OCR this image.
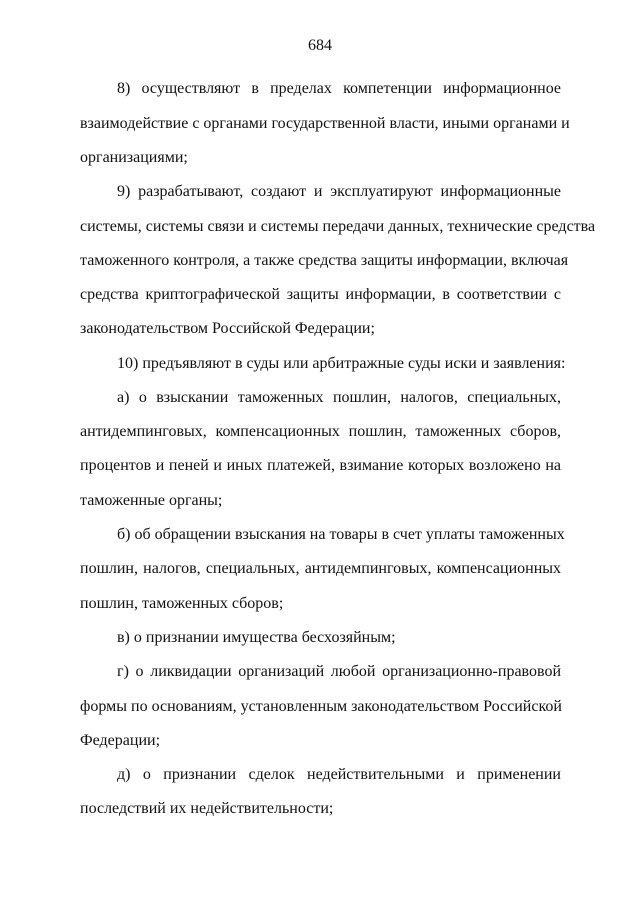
684
8) осуществляют в пределах компетенции информационное
взаимодействие с органами государственной власти, иными органами и
организациями;
9) разрабатывают, создают и эксплуатируют информационные
системы, системы связи и системы передачи данных, технические средства
таможенного контроля, а также средства защиты информации, включая
средства криптографической защиты информации, в соответствии с
законодательством Российской Федерации;
10) предъявляют в суды или арбитражные суды иски и заявления:
а) о взыскании таможенных пошлин, налогов, специальных,
антидемпинговых, компенсационных пошлин, таможенных сборов,
процентов и пеней и иных платежей, взимание которых возложено на
таможенные органы;
б) об обращении взыскания на товары в счет уплаты таможенных
пошлин, налогов, специальных, антидемпинговых, компенсационных
пошлин, таможенных сборов;
в) о признании имущества бесхозяйным;
г) о ликвидации организаций любой организационно-правовой
формы по основаниям, установленным законодательством Российской
Федерации;
д) о признании сделок недействительными и применении
последствий их недействительности;
